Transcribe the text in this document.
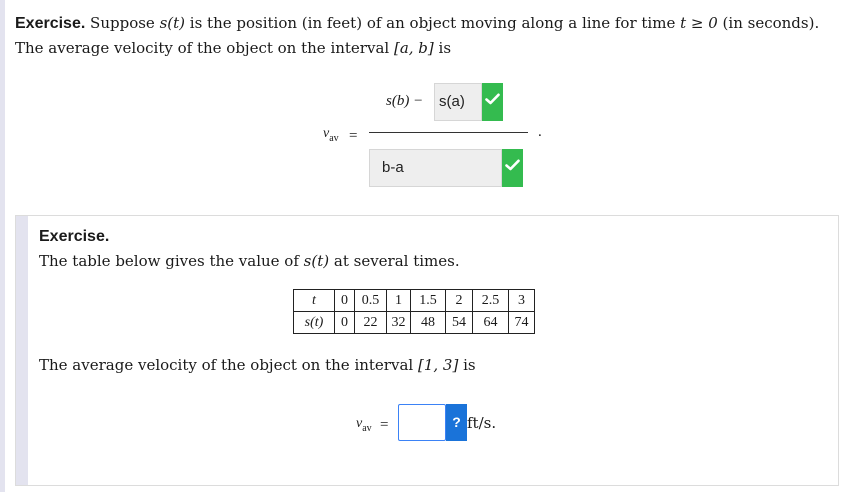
Exercise. Suppose s(t) is the position (in feet) of an object moving along a line for time t ≥ 0 (in seconds). The average velocity of the object on the interval [a, b] is
s(b) −	s(a)
$v_{av}$ =	.
b-a
Exercise.
The table below gives the value of s(t) at several times.
t	0	0.5	1	1.5	2	2.5	3
s(t)	0	22	32	48	54	64	74
The average velocity of the object on the interval [1, 3] is
$v_{av}$ =	? ft/s.
